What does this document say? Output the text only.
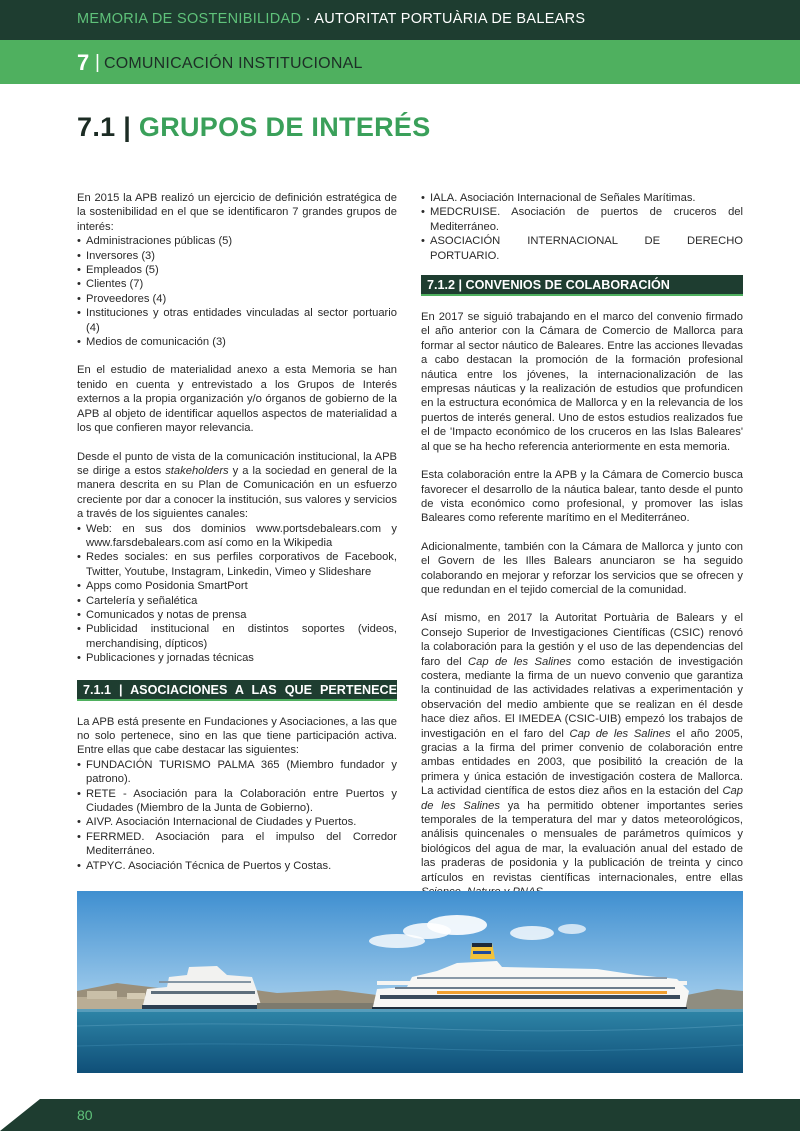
MEMORIA DE SOSTENIBILIDAD · AUTORITAT PORTUÀRIA DE BALEARS
7 | COMUNICACIÓN INSTITUCIONAL
7.1 | GRUPOS DE INTERÉS

En 2015 la APB realizó un ejercicio de definición estratégica de la sostenibilidad en el que se identificaron 7 grandes grupos de interés:

• Administraciones públicas (5)
• Inversores (3)
• Empleados (5)
• Clientes (7)
• Proveedores (4)
• Instituciones y otras entidades vinculadas al sector portuario (4)
• Medios de comunicación (3)

En el estudio de materialidad anexo a esta Memoria se han tenido en cuenta y entrevistado a los Grupos de Interés externos a la propia organización y/o órganos de gobierno de la APB al objeto de identificar aquellos aspectos de materialidad a los que confieren mayor relevancia.

Desde el punto de vista de la comunicación institucional, la APB se dirige a estos stakeholders y a la sociedad en general de la manera descrita en su Plan de Comunicación en un esfuerzo creciente por dar a conocer la institución, sus valores y servicios a través de los siguientes canales:

• Web: en sus dos dominios www.portsdebalears.com y www.farsdebalears.com así como en la Wikipedia
• Redes sociales: en sus perfiles corporativos de Facebook, Twitter, Youtube, Instagram, Linkedin, Vimeo y Slideshare
• Apps como Posidonia SmartPort
• Cartelería y señalética
• Comunicados y notas de prensa
• Publicidad institucional en distintos soportes (videos, merchandising, dípticos)
• Publicaciones y jornadas técnicas
7.1.1 | ASOCIACIONES A LAS QUE PERTENECE APB

La APB está presente en Fundaciones y Asociaciones, a las que no solo pertenece, sino en las que tiene participación activa. Entre ellas que cabe destacar las siguientes:

• FUNDACIÓN TURISMO PALMA 365 (Miembro fundador y patrono).
• RETE - Asociación para la Colaboración entre Puertos y Ciudades (Miembro de la Junta de Gobierno).
• AIVP. Asociación Internacional de Ciudades y Puertos.
• FERRMED. Asociación para el impulso del Corredor Mediterráneo.
• ATPYC. Asociación Técnica de Puertos y Costas.
• IALA. Asociación Internacional de Señales Marítimas.
• MEDCRUISE. Asociación de puertos de cruceros del Mediterráneo.
• ASOCIACIÓN INTERNACIONAL DE DERECHO PORTUARIO.
7.1.2 | CONVENIOS DE COLABORACIÓN

En 2017 se siguió trabajando en el marco del convenio firmado el año anterior con la Cámara de Comercio de Mallorca para formar al sector náutico de Baleares. Entre las acciones llevadas a cabo destacan la promoción de la formación profesional náutica entre los jóvenes, la internacionalización de las empresas náuticas y la realización de estudios que profundicen en la estructura económica de Mallorca y en la relevancia de los puertos de interés general. Uno de estos estudios realizados fue el de 'Impacto económico de los cruceros en las Islas Baleares' al que se ha hecho referencia anteriormente en esta memoria.

Esta colaboración entre la APB y la Cámara de Comercio busca favorecer el desarrollo de la náutica balear, tanto desde el punto de vista económico como profesional, y promover las islas Baleares como referente marítimo en el Mediterráneo.

Adicionalmente, también con la Cámara de Mallorca y junto con el Govern de les Illes Balears anunciaron se ha seguido colaborando en mejorar y reforzar los servicios que se ofrecen y que redundan en el tejido comercial de la comunidad.

Así mismo, en 2017 la Autoritat Portuària de Balears y el Consejo Superior de Investigaciones Científicas (CSIC) renovó la colaboración para la gestión y el uso de las dependencias del faro del Cap de les Salines como estación de investigación costera, mediante la firma de un nuevo convenio que garantiza la continuidad de las actividades relativas a experimentación y observación del medio ambiente que se realizan en él desde hace diez años. El IMEDEA (CSIC-UIB) empezó los trabajos de investigación en el faro del Cap de les Salines el año 2005, gracias a la firma del primer convenio de colaboración entre ambas entidades en 2003, que posibilitó la creación de la primera y única estación de investigación costera de Mallorca. La actividad científica de estos diez años en la estación del Cap de les Salines ya ha permitido obtener importantes series temporales de la temperatura del mar y datos meteorológicos, análisis quincenales o mensuales de parámetros químicos y biológicos del agua de mar, la evaluación anual del estado de las praderas de posidonia y la publicación de treinta y cinco artículos en revistas científicas internacionales, entre ellas

80
